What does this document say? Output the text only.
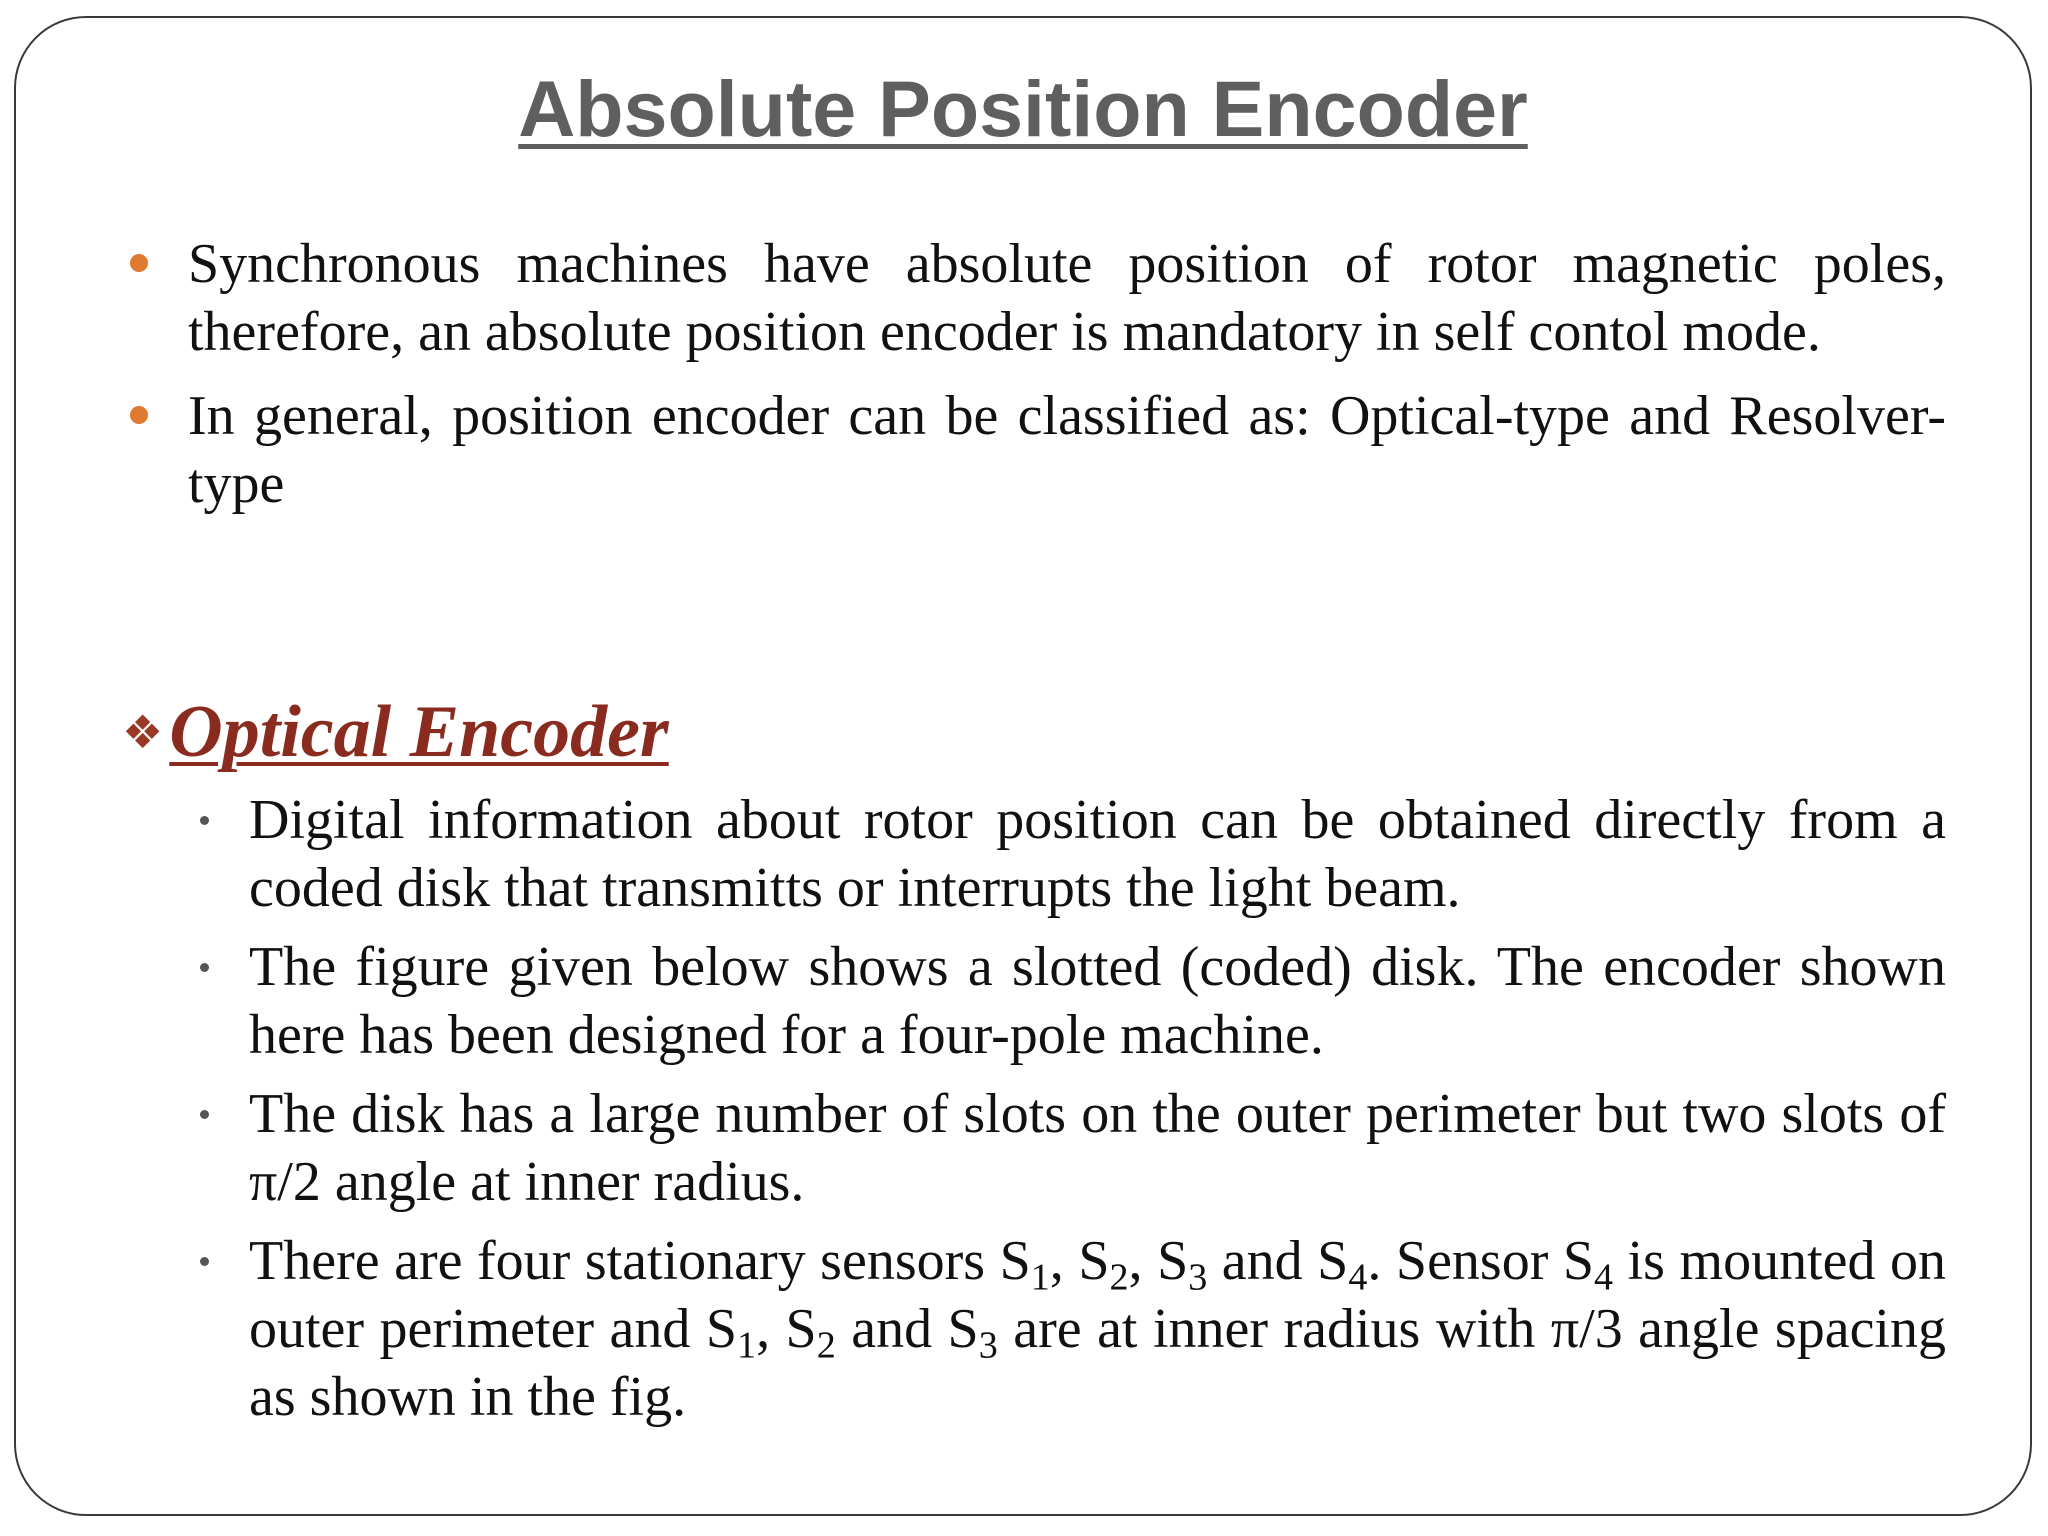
Absolute Position Encoder
Synchronous machines have absolute position of rotor magnetic poles, therefore, an absolute position encoder is mandatory in self contol mode.
In general, position encoder can be classified as: Optical-type and Resolver-type
❖ Optical Encoder
Digital information about rotor position can be obtained directly from a coded disk that transmitts or interrupts the light beam.
The figure given below shows a slotted (coded) disk. The encoder shown here has been designed for a four-pole machine.
The disk has a large number of slots on the outer perimeter but two slots of π/2 angle at inner radius.
There are four stationary sensors $S_1$, $S_2$, $S_3$ and $S_4$. Sensor $S_4$ is mounted on outer perimeter and $S_1$, $S_2$ and $S_3$ are at inner radius with π/3 angle spacing as shown in the fig.
